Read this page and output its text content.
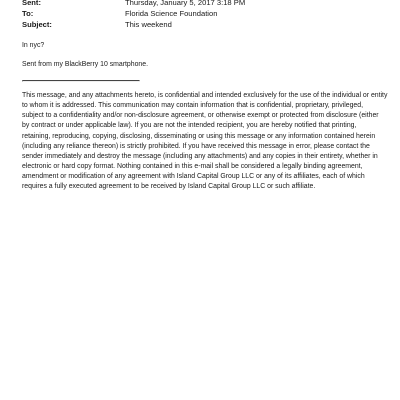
Sent:	Thursday, January 5, 2017 3:18 PM
To:	Florida Science Foundation
Subject:	This weekend

In nyc?

Sent from my BlackBerry 10 smartphone.

This message, and any attachments hereto, is confidential and intended exclusively for the use of the individual or entity
to whom it is addressed. This communication may contain information that is confidential, proprietary, privileged,
subject to a confidentiality and/or non-disclosure agreement, or otherwise exempt or protected from disclosure (either
by contract or under applicable law). If you are not the intended recipient, you are hereby notified that printing,
retaining, reproducing, copying, disclosing, disseminating or using this message or any information contained herein
(including any reliance thereon) is strictly prohibited. If you have received this message in error, please contact the
sender immediately and destroy the message (including any attachments) and any copies in their entirety, whether in
electronic or hard copy format. Nothing contained in this e-mail shall be considered a legally binding agreement,
amendment or modification of any agreement with Island Capital Group LLC or any of its affiliates, each of which
requires a fully executed agreement to be received by Island Capital Group LLC or such affiliate.
